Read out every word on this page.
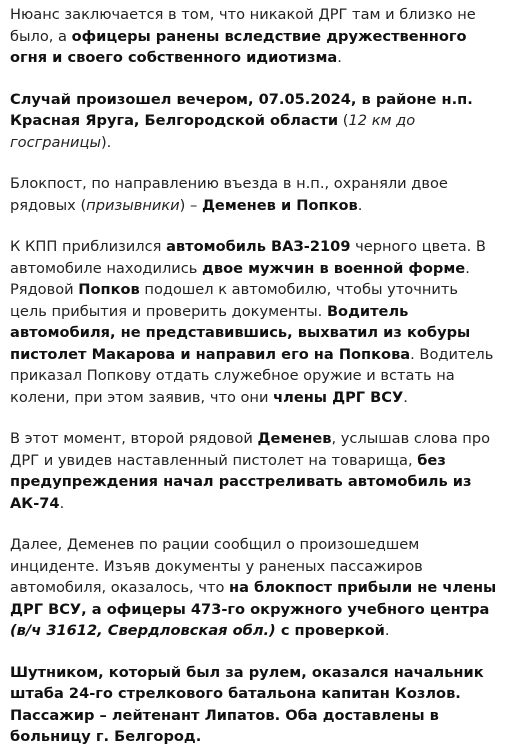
Нюанс заключается в том, что никакой ДРГ там и близко не было, а офицеры ранены вследствие дружественного огня и своего собственного идиотизма.

Случай произошел вечером, 07.05.2024, в районе н.п. Красная Яруга, Белгородской области (12 км до госграницы).

Блокпост, по направлению въезда в н.п., охраняли двое рядовых (призывники) – Деменев и Попков.

К КПП приблизился автомобиль ВАЗ-2109 черного цвета. В автомобиле находились двое мужчин в военной форме. Рядовой Попков подошел к автомобилю, чтобы уточнить цель прибытия и проверить документы. Водитель автомобиля, не представившись, выхватил из кобуры пистолет Макарова и направил его на Попкова. Водитель приказал Попкову отдать служебное оружие и встать на колени, при этом заявив, что они члены ДРГ ВСУ.

В этот момент, второй рядовой Деменев, услышав слова про ДРГ и увидев наставленный пистолет на товарища, без предупреждения начал расстреливать автомобиль из АК-74.

Далее, Деменев по рации сообщил о произошедшем инциденте. Изъяв документы у раненых пассажиров автомобиля, оказалось, что на блокпост прибыли не члены ДРГ ВСУ, а офицеры 473-го окружного учебного центра (в/ч 31612, Свердловская обл.) с проверкой.

Шутником, который был за рулем, оказался начальник штаба 24-го стрелкового батальона капитан Козлов. Пассажир – лейтенант Липатов. Оба доставлены в больницу г. Белгород.
